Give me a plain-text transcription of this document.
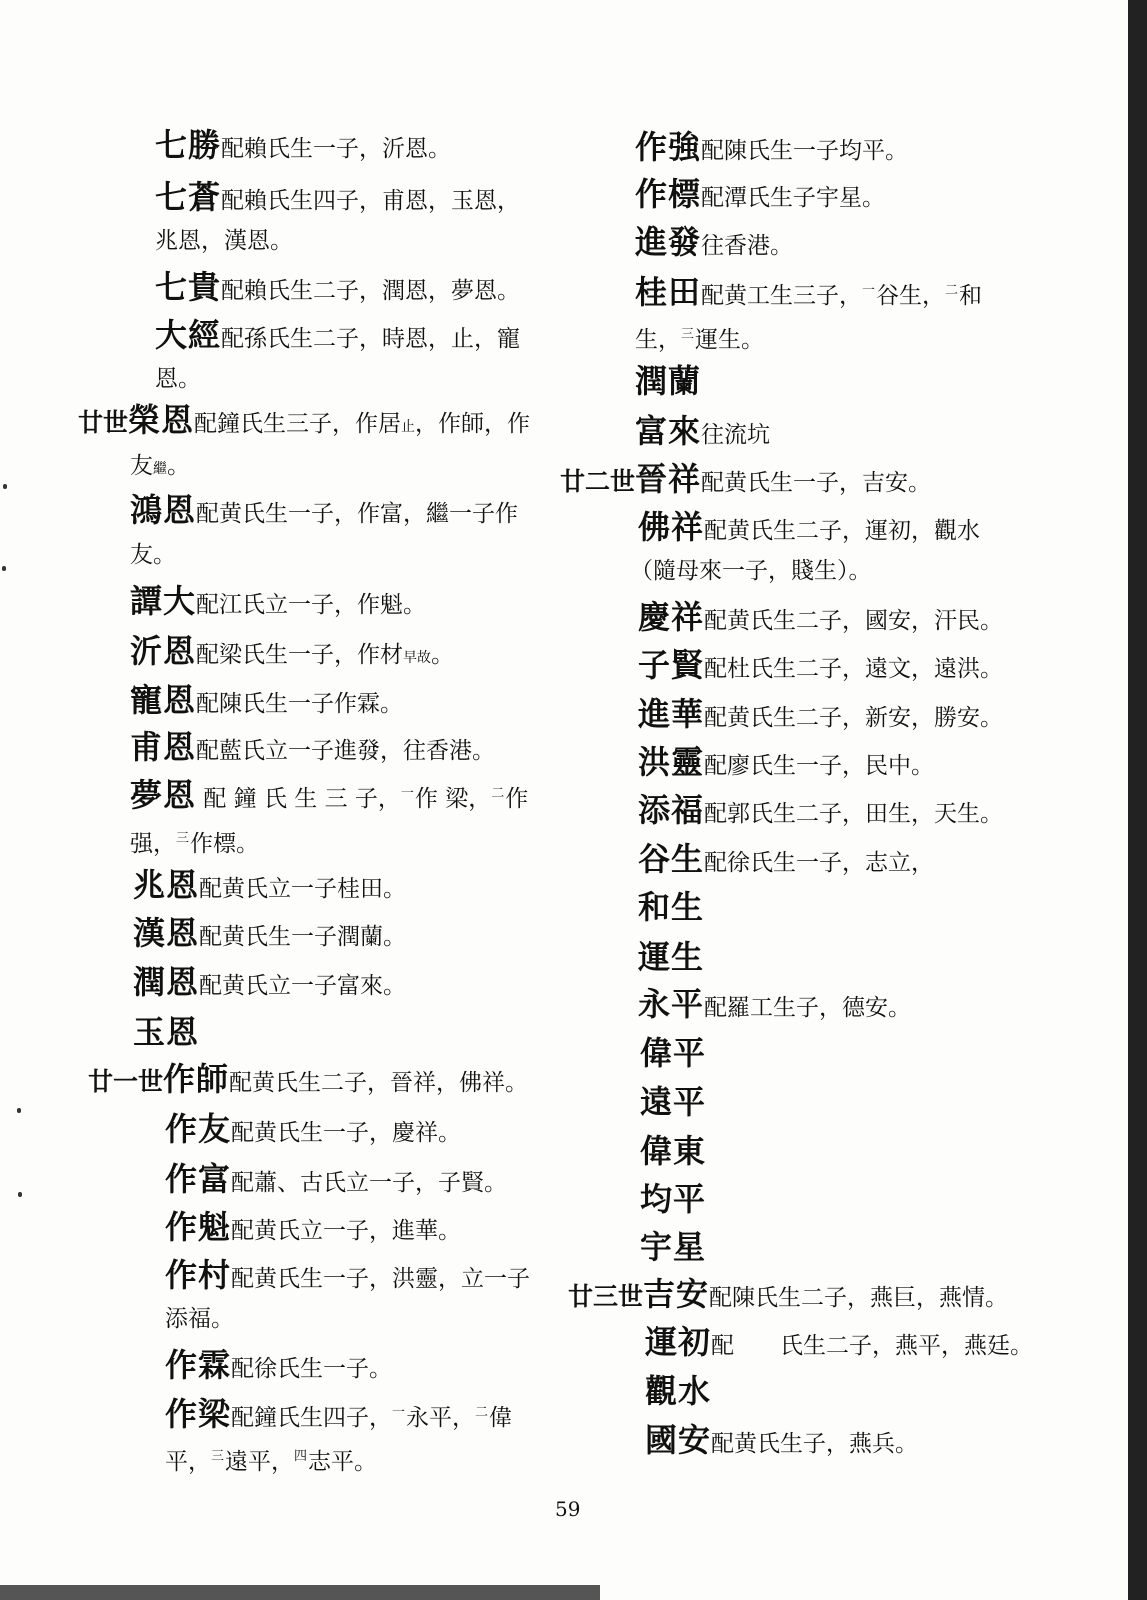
七勝配賴氏生一子，沂恩。
七蒼配賴氏生四子，甫恩，玉恩，
兆恩，漢恩。
七貴配賴氏生二子，潤恩，夢恩。
大經配孫氏生二子，時恩，止，寵
恩。
廿世榮恩配鐘氏生三子，作居止，作師，作
友繼。
鴻恩配黄氏生一子，作富，繼一子作
友。
譚大配江氏立一子，作魁。
沂恩配梁氏生一子，作材早故。
寵恩配陳氏生一子作霖。
甫恩配藍氏立一子進發，往香港。
夢恩 配 鐘 氏 生 三 子，$^一$作 梁，$^二$作
强，$^三$作標。
兆恩配黄氏立一子桂田。
漢恩配黄氏生一子潤蘭。
潤恩配黄氏立一子富來。
玉恩
廿一世作師配黄氏生二子，晉祥，佛祥。
作友配黄氏生一子，慶祥。
作富配蕭、古氏立一子，子賢。
作魁配黄氏立一子，進華。
作村配黄氏生一子，洪靈，立一子
添福。
作霖配徐氏生一子。
作梁配鐘氏生四子，$^一$永平，$^二$偉
平，$^三$遠平，$^四$志平。
作強配陳氏生一子均平。
作標配潭氏生子宇星。
進發往香港。
桂田配黄工生三子，$^一$谷生，$^二$和
生，$^三$運生。
潤蘭
富來往流坑
廿二世晉祥配黄氏生一子，吉安。
佛祥配黄氏生二子，運初，觀水
（隨母來一子，賤生）。
慶祥配黄氏生二子，國安，汗民。
子賢配杜氏生二子，遠文，遠洪。
進華配黄氏生二子，新安，勝安。
洪靈配廖氏生一子，民中。
添福配郭氏生二子，田生，天生。
谷生配徐氏生一子，志立，
和生
運生
永平配羅工生子，德安。
偉平
遠平
偉東
均平
宇星
廿三世吉安配陳氏生二子，燕巨，燕情。
運初配　　氏生二子，燕平，燕廷。
觀水
國安配黄氏生子，燕兵。
59
